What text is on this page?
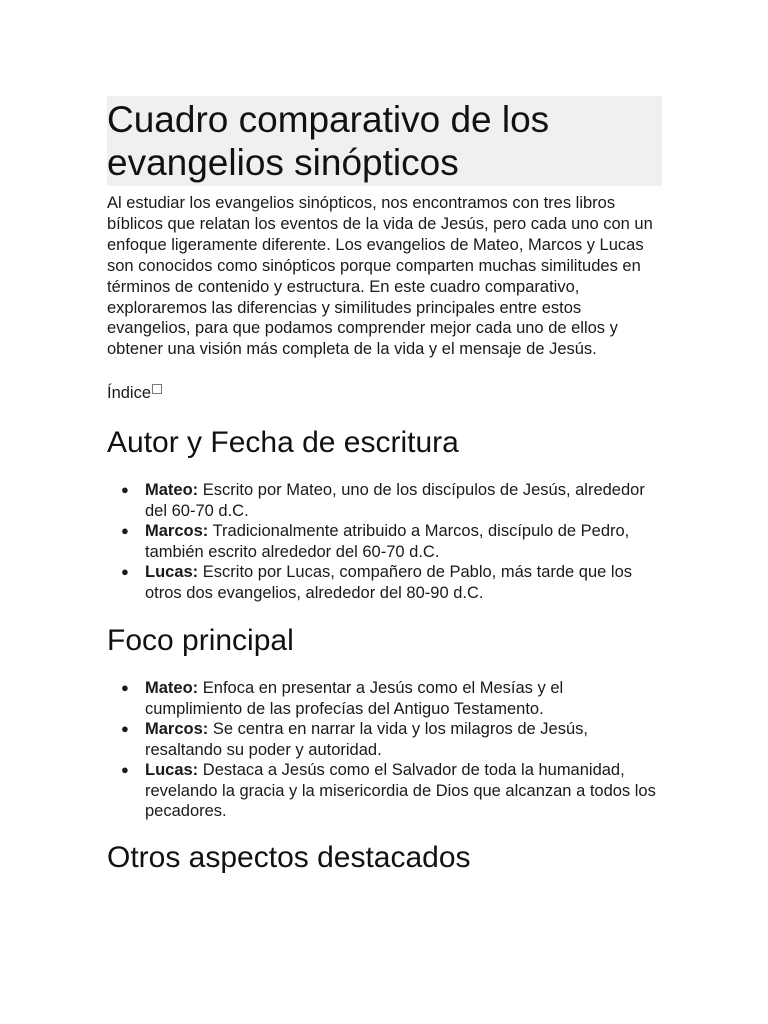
Cuadro comparativo de los evangelios sinópticos

Al estudiar los evangelios sinópticos, nos encontramos con tres libros bíblicos que relatan los eventos de la vida de Jesús, pero cada uno con un enfoque ligeramente diferente. Los evangelios de Mateo, Marcos y Lucas son conocidos como sinópticos porque comparten muchas similitudes en términos de contenido y estructura. En este cuadro comparativo, exploraremos las diferencias y similitudes principales entre estos evangelios, para que podamos comprender mejor cada uno de ellos y obtener una visión más completa de la vida y el mensaje de Jesús.

Índice
Autor y Fecha de escritura
● Mateo: Escrito por Mateo, uno de los discípulos de Jesús, alrededor del 60-70 d.C.
● Marcos: Tradicionalmente atribuido a Marcos, discípulo de Pedro, también escrito alrededor del 60-70 d.C.
● Lucas: Escrito por Lucas, compañero de Pablo, más tarde que los otros dos evangelios, alrededor del 80-90 d.C.
Foco principal
● Mateo: Enfoca en presentar a Jesús como el Mesías y el cumplimiento de las profecías del Antiguo Testamento.
● Marcos: Se centra en narrar la vida y los milagros de Jesús, resaltando su poder y autoridad.
● Lucas: Destaca a Jesús como el Salvador de toda la humanidad, revelando la gracia y la misericordia de Dios que alcanzan a todos los pecadores.
Otros aspectos destacados
